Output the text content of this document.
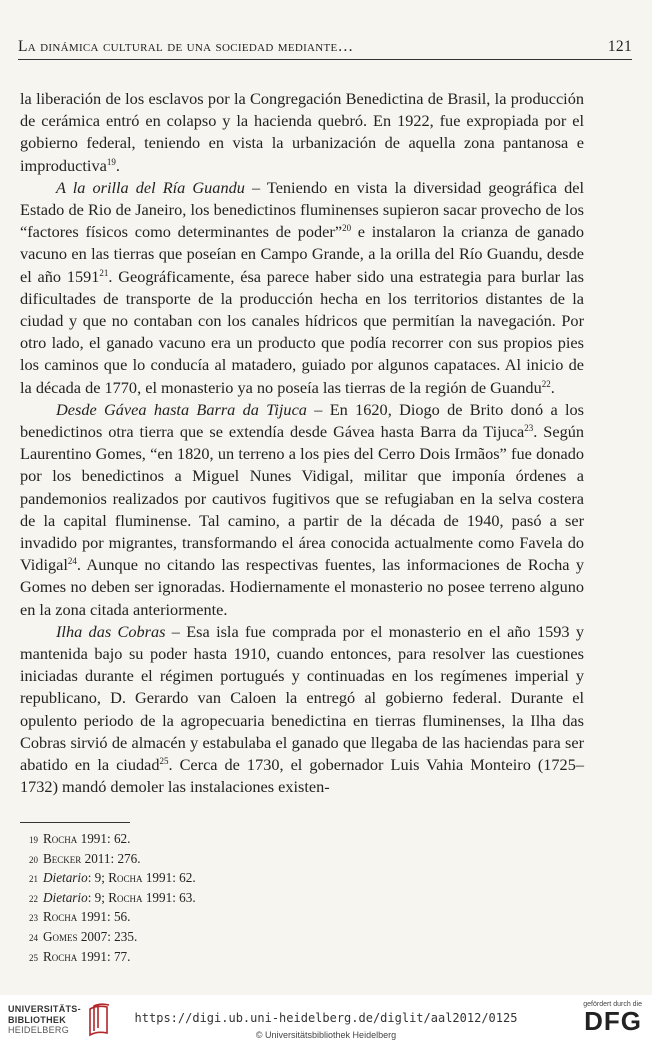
La dinámica cultural de una sociedad mediante…	121

la liberación de los esclavos por la Congregación Benedictina de Brasil, la producción de cerámica entró en colapso y la hacienda quebró. En 1922, fue expropiada por el gobierno federal, teniendo en vista la urbanización de aquella zona pantanosa e improductiva$^{19}$.

A la orilla del Ría Guandu – Teniendo en vista la diversidad geográfica del Estado de Rio de Janeiro, los benedictinos fluminenses supieron sacar provecho de los “factores físicos como determinantes de poder”$^{20}$ e instalaron la crianza de ganado vacuno en las tierras que poseían en Campo Grande, a la orilla del Río Guandu, desde el año 1591$^{21}$. Geográficamente, ésa parece haber sido una estrategia para burlar las dificultades de transporte de la producción hecha en los territorios distantes de la ciudad y que no contaban con los canales hídricos que permitían la navegación. Por otro lado, el ganado vacuno era un producto que podía recorrer con sus propios pies los caminos que lo conducía al matadero, guiado por algunos capataces. Al inicio de la década de 1770, el monasterio ya no poseía las tierras de la región de Guandu$^{22}$.

Desde Gávea hasta Barra da Tijuca – En 1620, Diogo de Brito donó a los benedictinos otra tierra que se extendía desde Gávea hasta Barra da Tijuca$^{23}$. Según Laurentino Gomes, “en 1820, un terreno a los pies del Cerro Dois Irmãos” fue donado por los benedictinos a Miguel Nunes Vidigal, militar que imponía órdenes a pandemonios realizados por cautivos fugitivos que se refugiaban en la selva costera de la capital fluminense. Tal camino, a partir de la década de 1940, pasó a ser invadido por migrantes, transformando el área conocida actualmente como Favela do Vidigal$^{24}$. Aunque no citando las respectivas fuentes, las informaciones de Rocha y Gomes no deben ser ignoradas. Hodiernamente el monasterio no posee terreno alguno en la zona citada anteriormente.

Ilha das Cobras – Esa isla fue comprada por el monasterio en el año 1593 y mantenida bajo su poder hasta 1910, cuando entonces, para resolver las cuestiones iniciadas durante el régimen portugués y continuadas en los regímenes imperial y republicano, D. Gerardo van Caloen la entregó al gobierno federal. Durante el opulento periodo de la agropecuaria benedictina en tierras fluminenses, la Ilha das Cobras sirvió de almacén y estabulaba el ganado que llegaba de las haciendas para ser abatido en la ciudad$^{25}$. Cerca de 1730, el gobernador Luis Vahia Monteiro (1725–1732) mandó demoler las instalaciones existen-

19 Rocha 1991: 62.
20 Becker 2011: 276.
21 Dietario: 9; Rocha 1991: 62.
22 Dietario: 9; Rocha 1991: 63.
23 Rocha 1991: 56.
24 Gomes 2007: 235.
25 Rocha 1991: 77.
UNIVERSITÄTS-
BIBLIOTHEK
HEIDELBERG
https://digi.ub.uni-heidelberg.de/diglit/aal2012/0125
© Universitätsbibliothek Heidelberg
gefördert durch die
DFG
